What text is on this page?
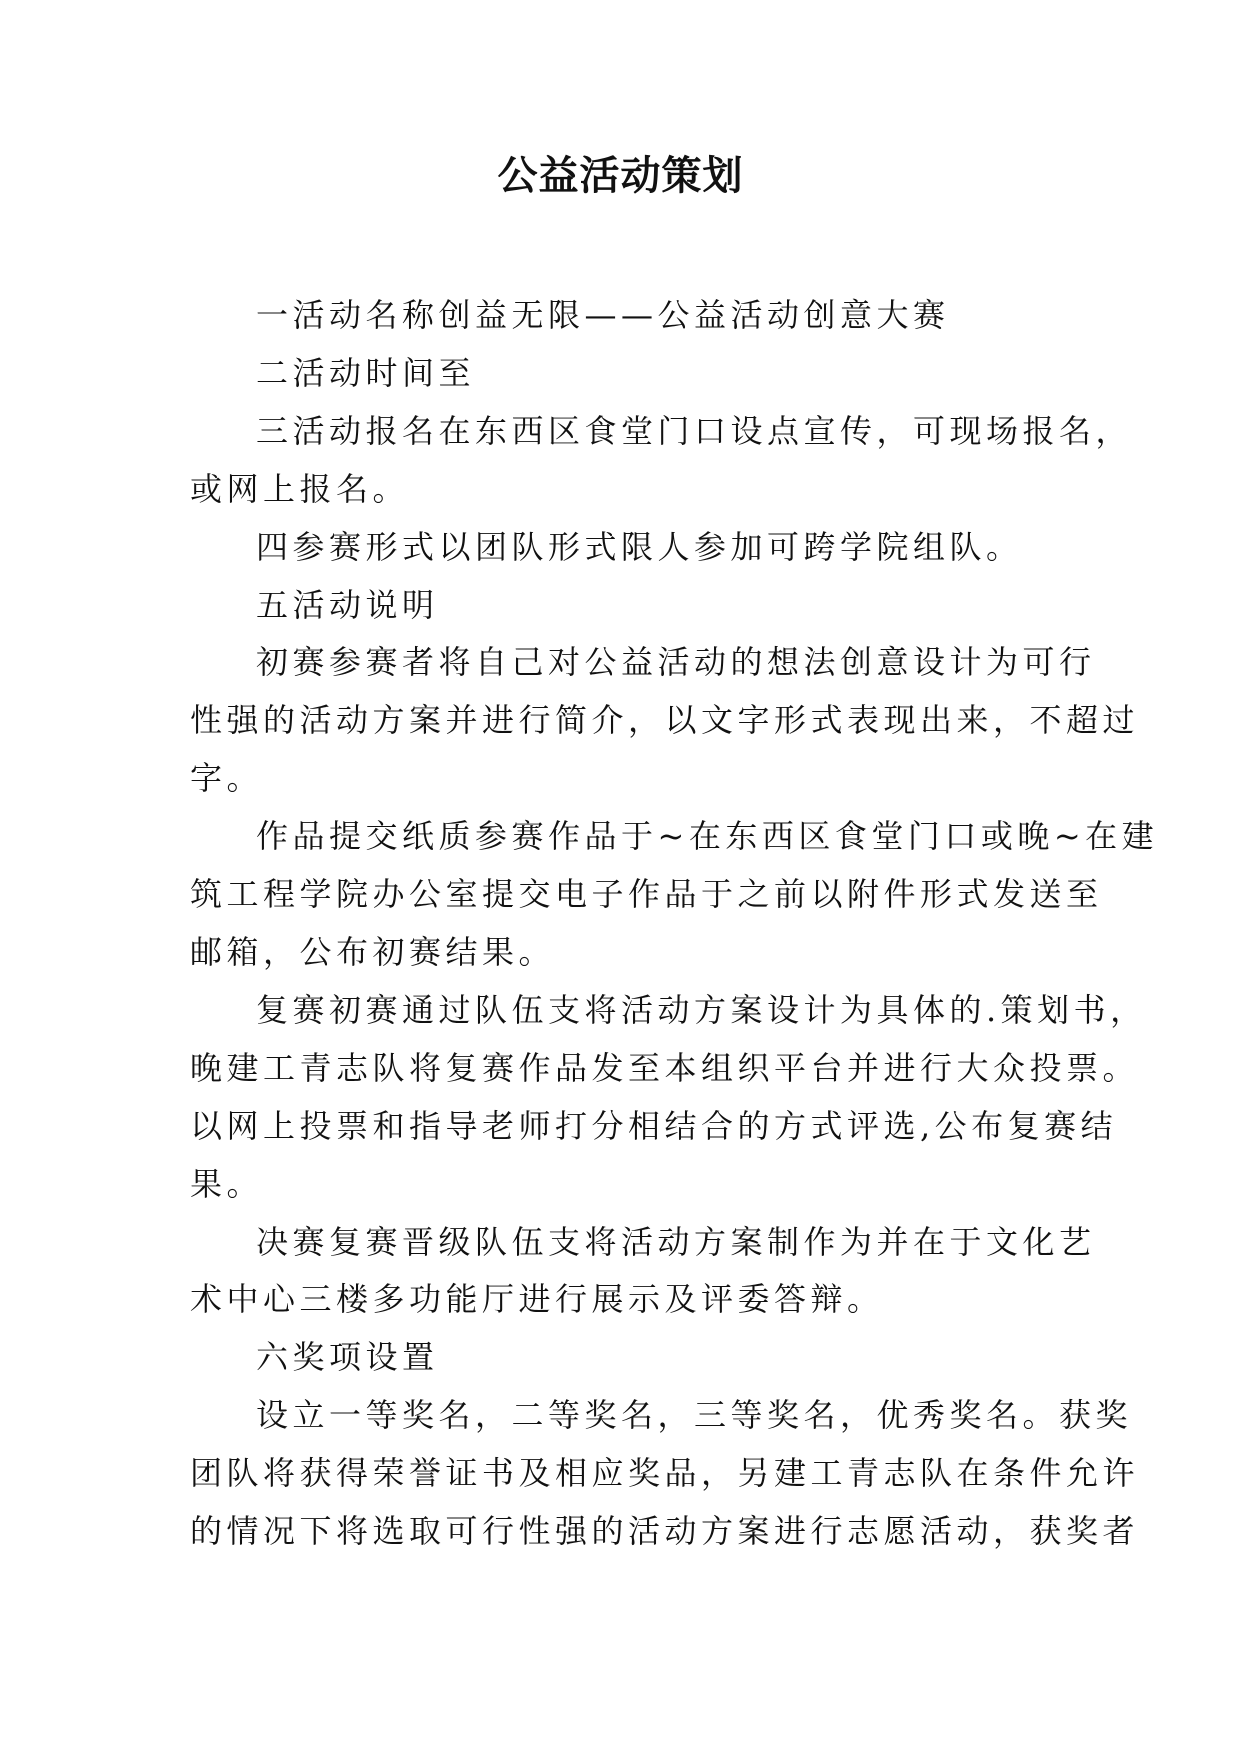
公益活动策划

一活动名称创益无限——公益活动创意大赛

二活动时间至

三活动报名在东西区食堂门口设点宣传，可现场报名，
或网上报名。

四参赛形式以团队形式限人参加可跨学院组队。

五活动说明

初赛参赛者将自己对公益活动的想法创意设计为可行
性强的活动方案并进行简介，以文字形式表现出来，不超过
字。

作品提交纸质参赛作品于~在东西区食堂门口或晚~在建
筑工程学院办公室提交电子作品于之前以附件形式发送至
邮箱，公布初赛结果。

复赛初赛通过队伍支将活动方案设计为具体的.策划书，
晚建工青志队将复赛作品发至本组织平台并进行大众投票。
以网上投票和指导老师打分相结合的方式评选,公布复赛结
果。

决赛复赛晋级队伍支将活动方案制作为并在于文化艺
术中心三楼多功能厅进行展示及评委答辩。

六奖项设置

设立一等奖名，二等奖名，三等奖名，优秀奖名。获奖
团队将获得荣誉证书及相应奖品，另建工青志队在条件允许
的情况下将选取可行性强的活动方案进行志愿活动，获奖者
